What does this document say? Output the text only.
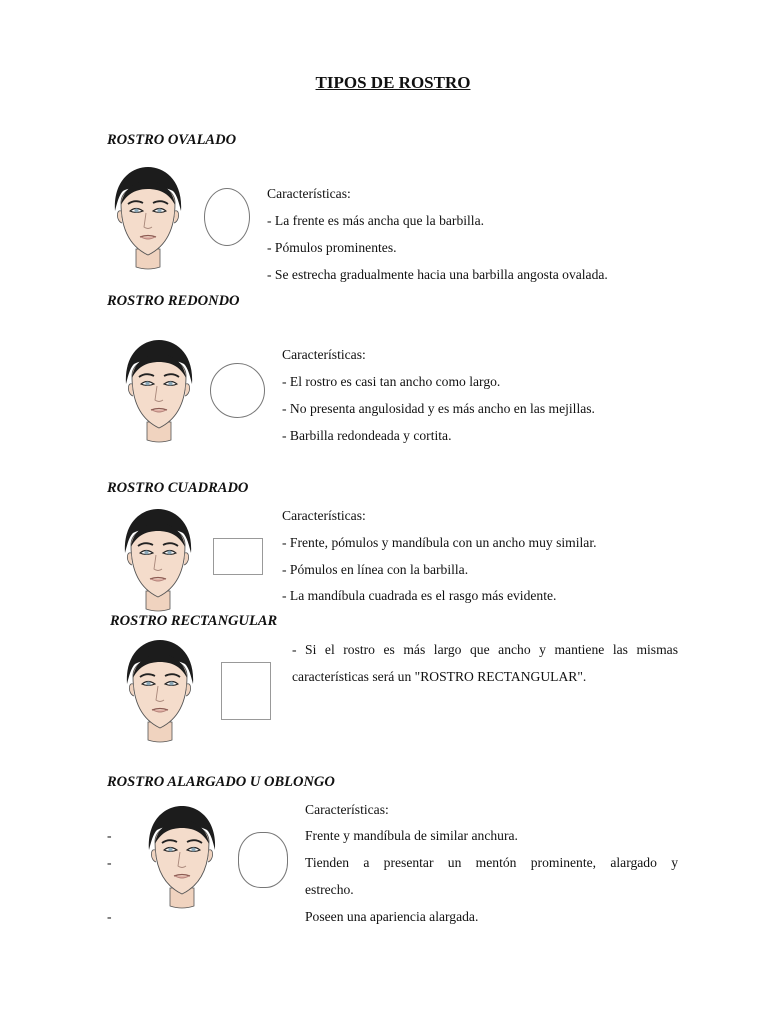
TIPOS DE ROSTRO
ROSTRO OVALADO
Características:
- La frente es más ancha que la barbilla.
- Pómulos prominentes.
- Se estrecha gradualmente hacia una barbilla angosta ovalada.
ROSTRO REDONDO
Características:
- El rostro es casi tan ancho como largo.
- No presenta angulosidad y es más ancho en las mejillas.
- Barbilla redondeada y cortita.
ROSTRO CUADRADO
Características:
- Frente, pómulos y mandíbula con un ancho muy similar.
- Pómulos en línea con la barbilla.
- La mandíbula cuadrada es el rasgo más evidente.
ROSTRO RECTANGULAR
- Si el rostro es más largo que ancho y mantiene las mismas
características será un "ROSTRO RECTANGULAR".
ROSTRO ALARGADO U OBLONGO
Características:
-	Frente y mandíbula de similar anchura.
-	Tienden a presentar un mentón prominente, alargado y
estrecho.
-	Poseen una apariencia alargada.
